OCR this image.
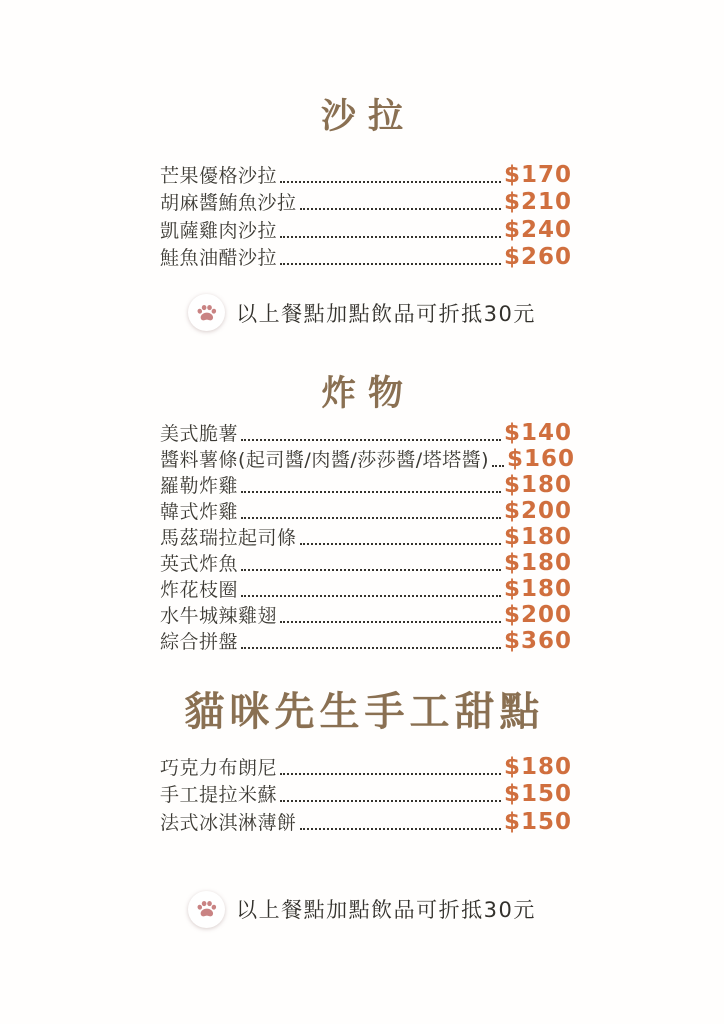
沙拉
芒果優格沙拉	$170
胡麻醬鮪魚沙拉	$210
凱薩雞肉沙拉	$240
鮭魚油醋沙拉	$260
以上餐點加點飲品可折抵30元
炸物
美式脆薯	$140
醬料薯條(起司醬/肉醬/莎莎醬/塔塔醬) $160
羅勒炸雞	$180
韓式炸雞	$200
馬茲瑞拉起司條	$180
英式炸魚	$180
炸花枝圈	$180
水牛城辣雞翅	$200
綜合拼盤	$360
貓咪先生手工甜點
巧克力布朗尼	$180
手工提拉米蘇	$150
法式冰淇淋薄餅	$150
以上餐點加點飲品可折抵30元
